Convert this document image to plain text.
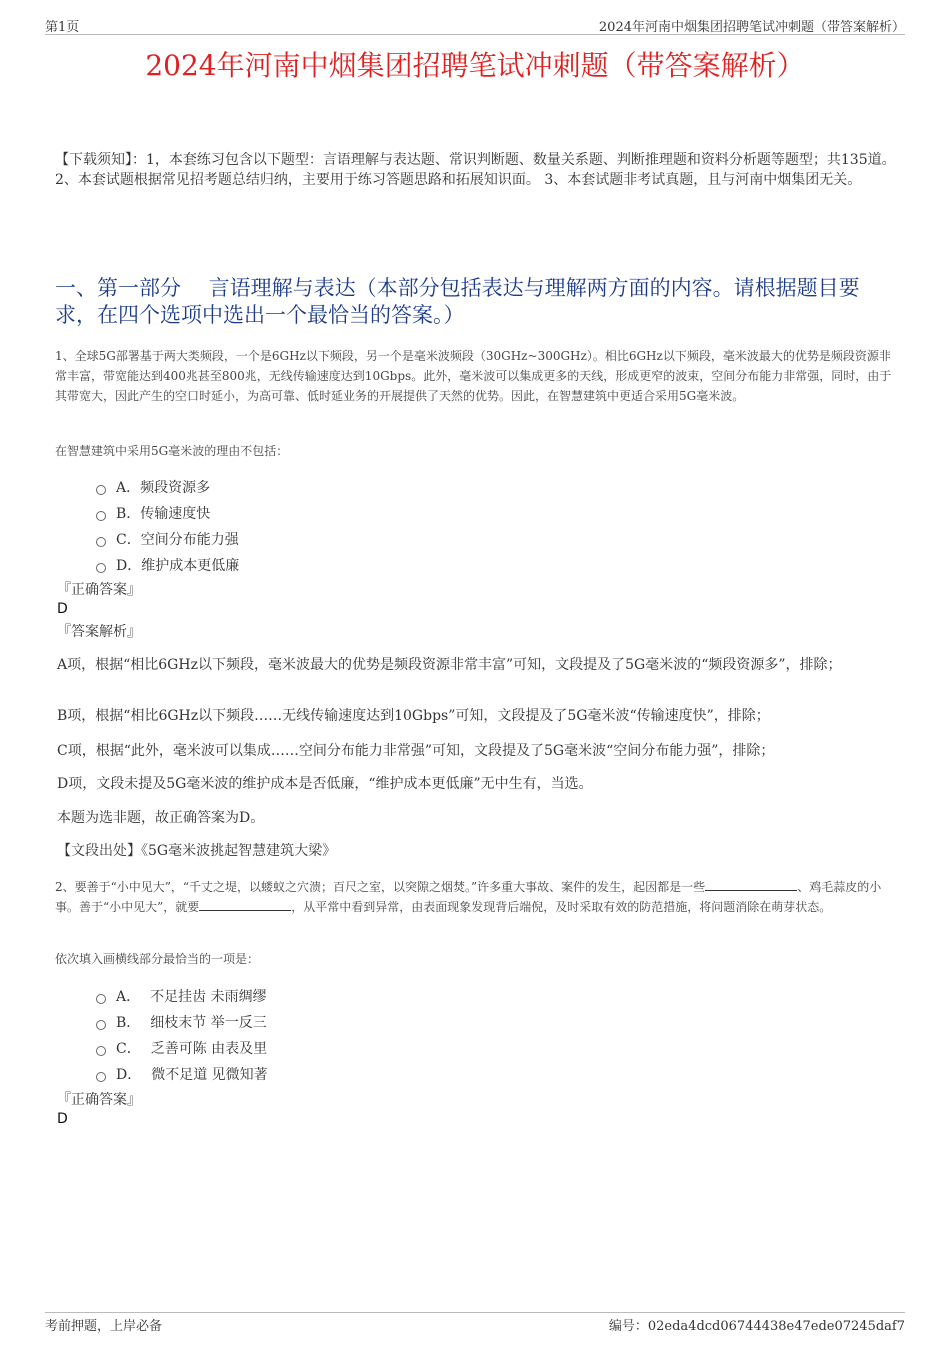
第1页	2024年河南中烟集团招聘笔试冲刺题（带答案解析）
2024年河南中烟集团招聘笔试冲刺题（带答案解析）
【下载须知】：1，本套练习包含以下题型：言语理解与表达题、常识判断题、数量关系题、判断推理题和资料分析题等题型；共135道。 2、本套试题根据常见招考题总结归纳，主要用于练习答题思路和拓展知识面。 3、本套试题非考试真题，且与河南中烟集团无关。
一、第一部分　 言语理解与表达（本部分包括表达与理解两方面的内容。请根据题目要求，在四个选项中选出一个最恰当的答案。）
1、全球5G部署基于两大类频段，一个是6GHz以下频段，另一个是毫米波频段（30GHz~300GHz）。相比6GHz以下频段，毫米波最大的优势是频段资源非常丰富，带宽能达到400兆甚至800兆，无线传输速度达到10Gbps。此外，毫米波可以集成更多的天线，形成更窄的波束，空间分布能力非常强，同时，由于其带宽大，因此产生的空口时延小，为高可靠、低时延业务的开展提供了天然的优势。因此，在智慧建筑中更适合采用5G毫米波。
在智慧建筑中采用5G毫米波的理由不包括：
A． 频段资源多
B． 传输速度快
C． 空间分布能力强
D． 维护成本更低廉
『正确答案』
D
『答案解析』
A项，根据“相比6GHz以下频段，毫米波最大的优势是频段资源非常丰富”可知，文段提及了5G毫米波的“频段资源多”，排除；
B项，根据“相比6GHz以下频段……无线传输速度达到10Gbps”可知，文段提及了5G毫米波“传输速度快”，排除；
C项，根据“此外，毫米波可以集成……空间分布能力非常强”可知，文段提及了5G毫米波“空间分布能力强”，排除；
D项，文段未提及5G毫米波的维护成本是否低廉，“维护成本更低廉”无中生有，当选。
本题为选非题，故正确答案为D。
【文段出处】《5G毫米波挑起智慧建筑大梁》
2、要善于“小中见大”，“千丈之堤，以蝼蚁之穴溃；百尺之室，以突隙之烟焚。”许多重大事故、案件的发生，起因都是一些	、鸡毛蒜皮的小事。善于“小中见大”，就要	，从平常中看到异常，由表面现象发现背后端倪，及时采取有效的防范措施，将问题消除在萌芽状态。
依次填入画横线部分最恰当的一项是：
A． 不足挂齿 未雨绸缪
B． 细枝末节 举一反三
C． 乏善可陈 由表及里
D． 微不足道 见微知著
『正确答案』
D
考前押题，上岸必备	编号：02eda4dcd06744438e47ede07245daf7
